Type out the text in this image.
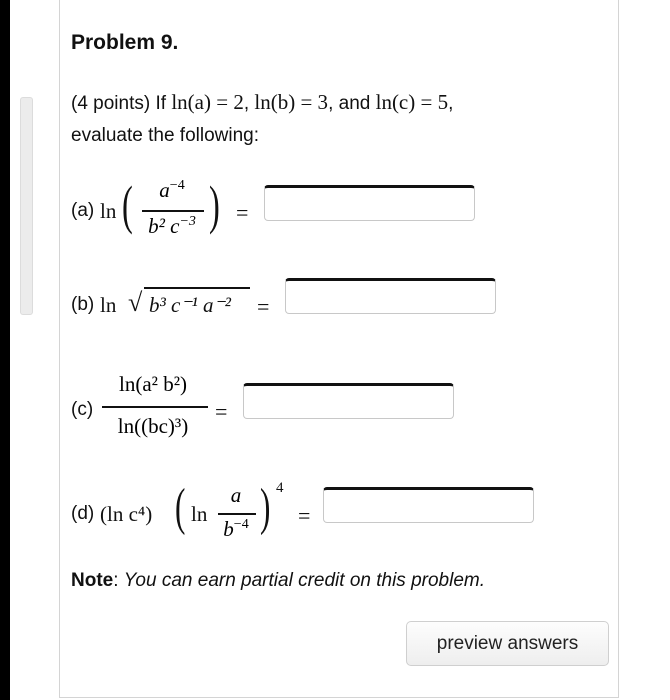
Problem 9.
(4 points) If ln(a) = 2, ln(b) = 3, and ln(c) = 5,
evaluate the following:
(a) ln (	$a^{-4}$
b² $c^{-3}$ ) =
(b) ln √ b³ c⁻¹ a⁻² =
(c)
ln(a² b²)
ln((bc)³)
=
(d) (ln c⁴) ( ln
a
$b^{-4}$ ) 4
=
Note: You can earn partial credit on this problem.
preview answers
